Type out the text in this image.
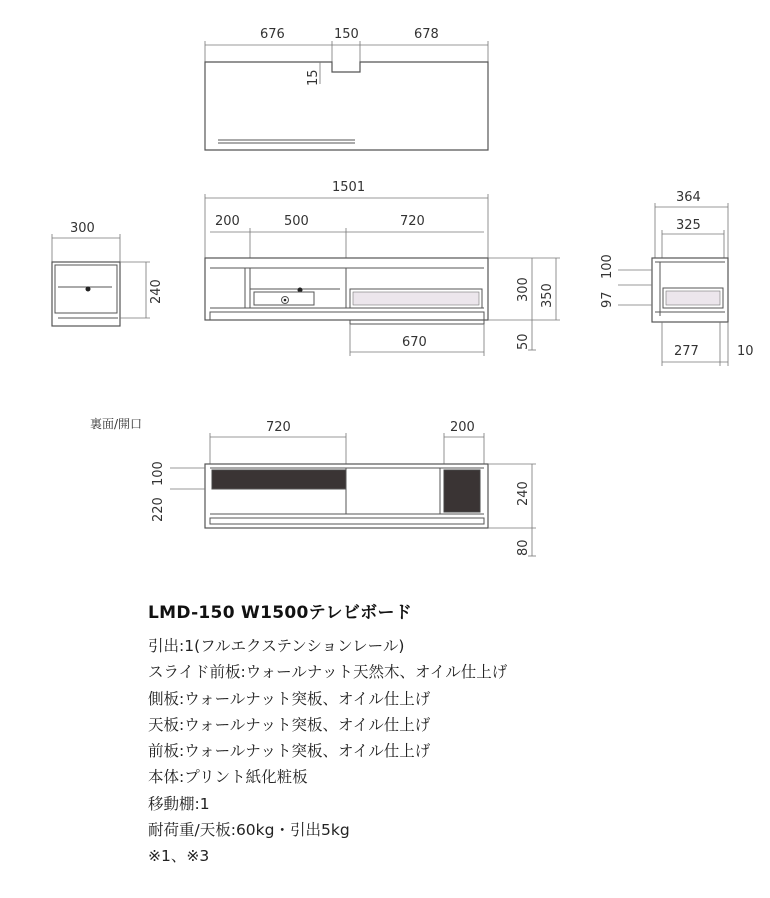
676	150	678
15
300
240
1501
200	500	720
670
300 350
50
364
325
97
100
277	10
裏面/開口	720	200
220
100
240
80
LMD-150 W1500テレビボード
引出:1(フルエクステンションレール)
スライド前板:ウォールナット天然木、オイル仕上げ
側板:ウォールナット突板、オイル仕上げ
天板:ウォールナット突板、オイル仕上げ
前板:ウォールナット突板、オイル仕上げ
本体:プリント紙化粧板
移動棚:1
耐荷重/天板:60kg・引出5kg
※1、※3
